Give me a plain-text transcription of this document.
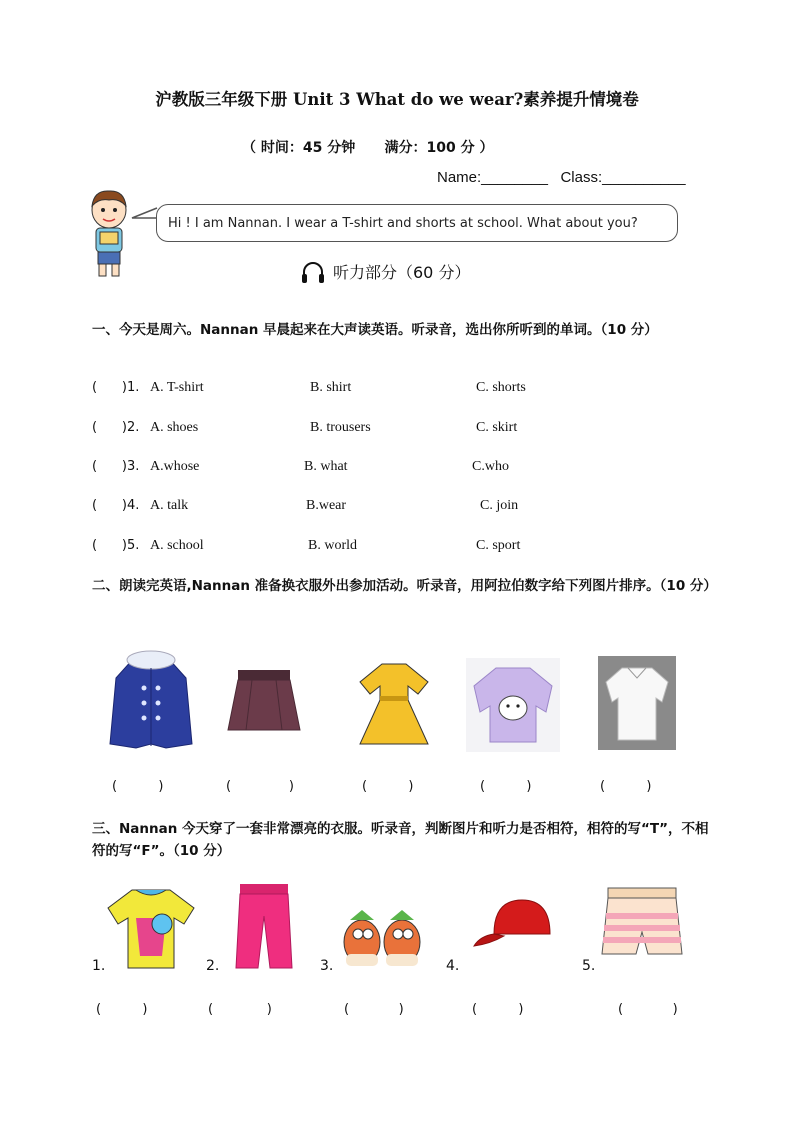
沪教版三年级下册 Unit 3 What do we wear?素养提升情境卷
（ 时间：45 分钟      满分：100 分 ）
Name:________ Class:__________
Hi ! I am Nannan. I wear a T-shirt and shorts at school. What about you?
听力部分（60 分）
一、今天是周六。Nannan 早晨起来在大声读英语。听录音，选出你所听到的单词。（10 分）
(      )1. A. T-shirt	B. shirt	C. shorts
(      )2. A. shoes	B. trousers	C. skirt
(      )3. A.whose	B. what	C.who
(      )4. A. talk	B.wear	C. join
(      )5. A. school	B. world	C. sport
二、朗读完英语,Nannan 准备换衣服外出参加活动。听录音，用阿拉伯数字给下列图片排序。（10 分）
(          )	(              )	(          )	(          )	(          )
三、Nannan 今天穿了一套非常漂亮的衣服。听录音，判断图片和听力是否相符，相符的写“T”，不相符的写“F”。（10 分）
1.	2.	3.	4.	5.
(          )	(             )	(            )	(          )	(            )
